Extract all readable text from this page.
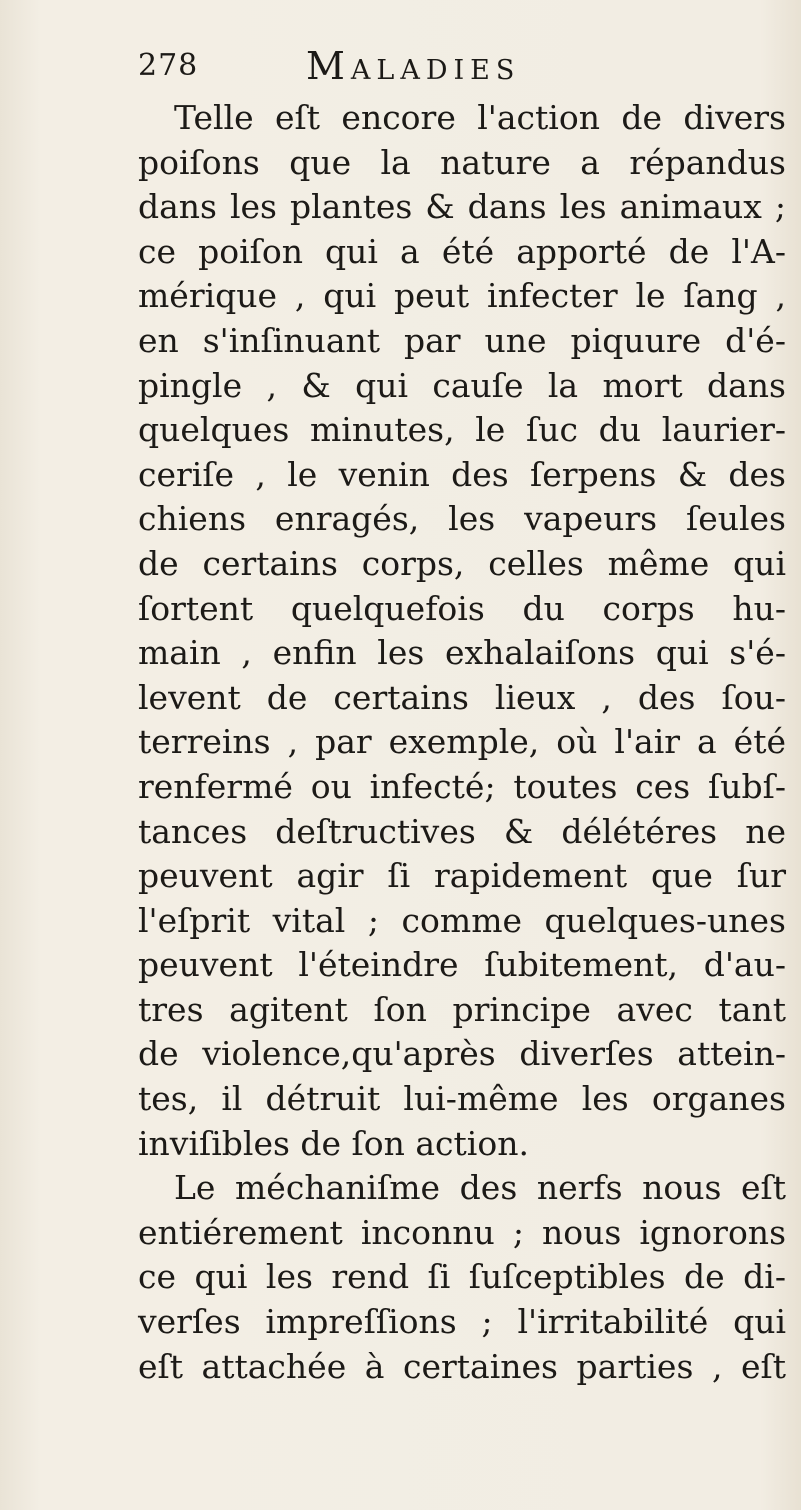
278	Maladies
Telle eſt encore l'action de divers
poiſons que la nature a répandus
dans les plantes & dans les animaux ;
ce poiſon qui a été apporté de l'A-
mérique , qui peut infecter le ſang ,
en s'inſinuant par une piquure d'é-
pingle , & qui cauſe la mort dans
quelques minutes, le ſuc du laurier-
ceriſe , le venin des ſerpens & des
chiens enragés, les vapeurs ſeules
de certains corps, celles même qui
ſortent quelquefois du corps hu-
main , enfin les exhalaiſons qui s'é-
levent de certains lieux , des ſou-
terreins , par exemple, où l'air a été
renfermé ou infecté; toutes ces ſubſ-
tances deſtructives & délétéres ne
peuvent agir ſi rapidement que ſur
l'eſprit vital ; comme quelques-unes
peuvent l'éteindre ſubitement, d'au-
tres agitent ſon principe avec tant
de violence,qu'après diverſes attein-
tes, il détruit lui-même les organes
inviſibles de ſon action.
Le méchaniſme des nerfs nous eſt
entiérement inconnu ; nous ignorons
ce qui les rend ſi ſuſceptibles de di-
verſes impreſſions ; l'irritabilité qui
eſt attachée à certaines parties , eſt
